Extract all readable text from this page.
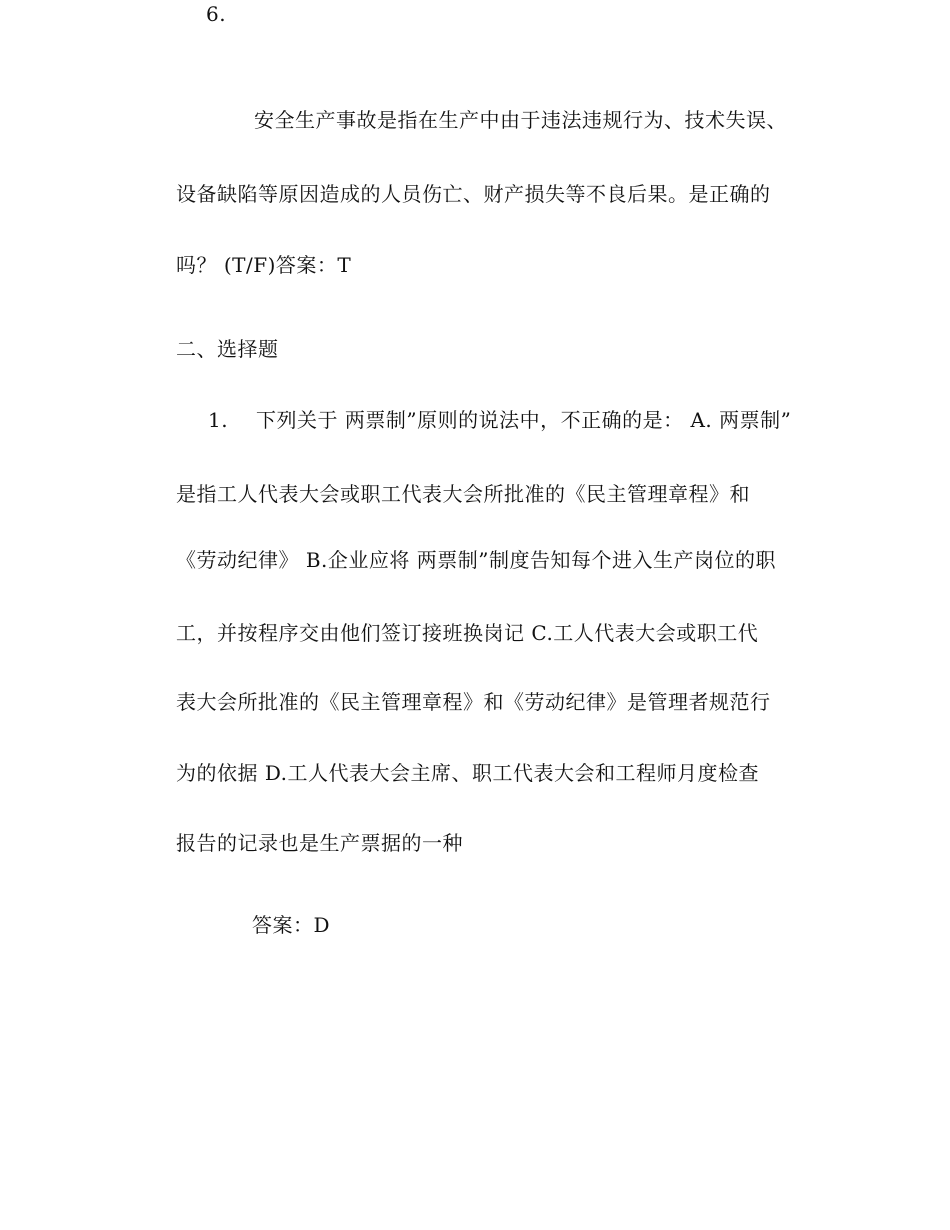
6.
安全生产事故是指在生产中由于违法违规行为、技术失误、
设备缺陷等原因造成的人员伤亡、财产损失等不良后果。是正确的
吗？ (T/F)答案：T
二、选择题
1. 下列关于 两票制”原则的说法中，不正确的是： A. 两票制”
是指工人代表大会或职工代表大会所批准的《民主管理章程》和
《劳动纪律》 B.企业应将 两票制”制度告知每个进入生产岗位的职
工，并按程序交由他们签订接班换岗记 C.工人代表大会或职工代
表大会所批准的《民主管理章程》和《劳动纪律》是管理者规范行
为的依据 D.工人代表大会主席、职工代表大会和工程师月度检查
报告的记录也是生产票据的一种
答案：D
